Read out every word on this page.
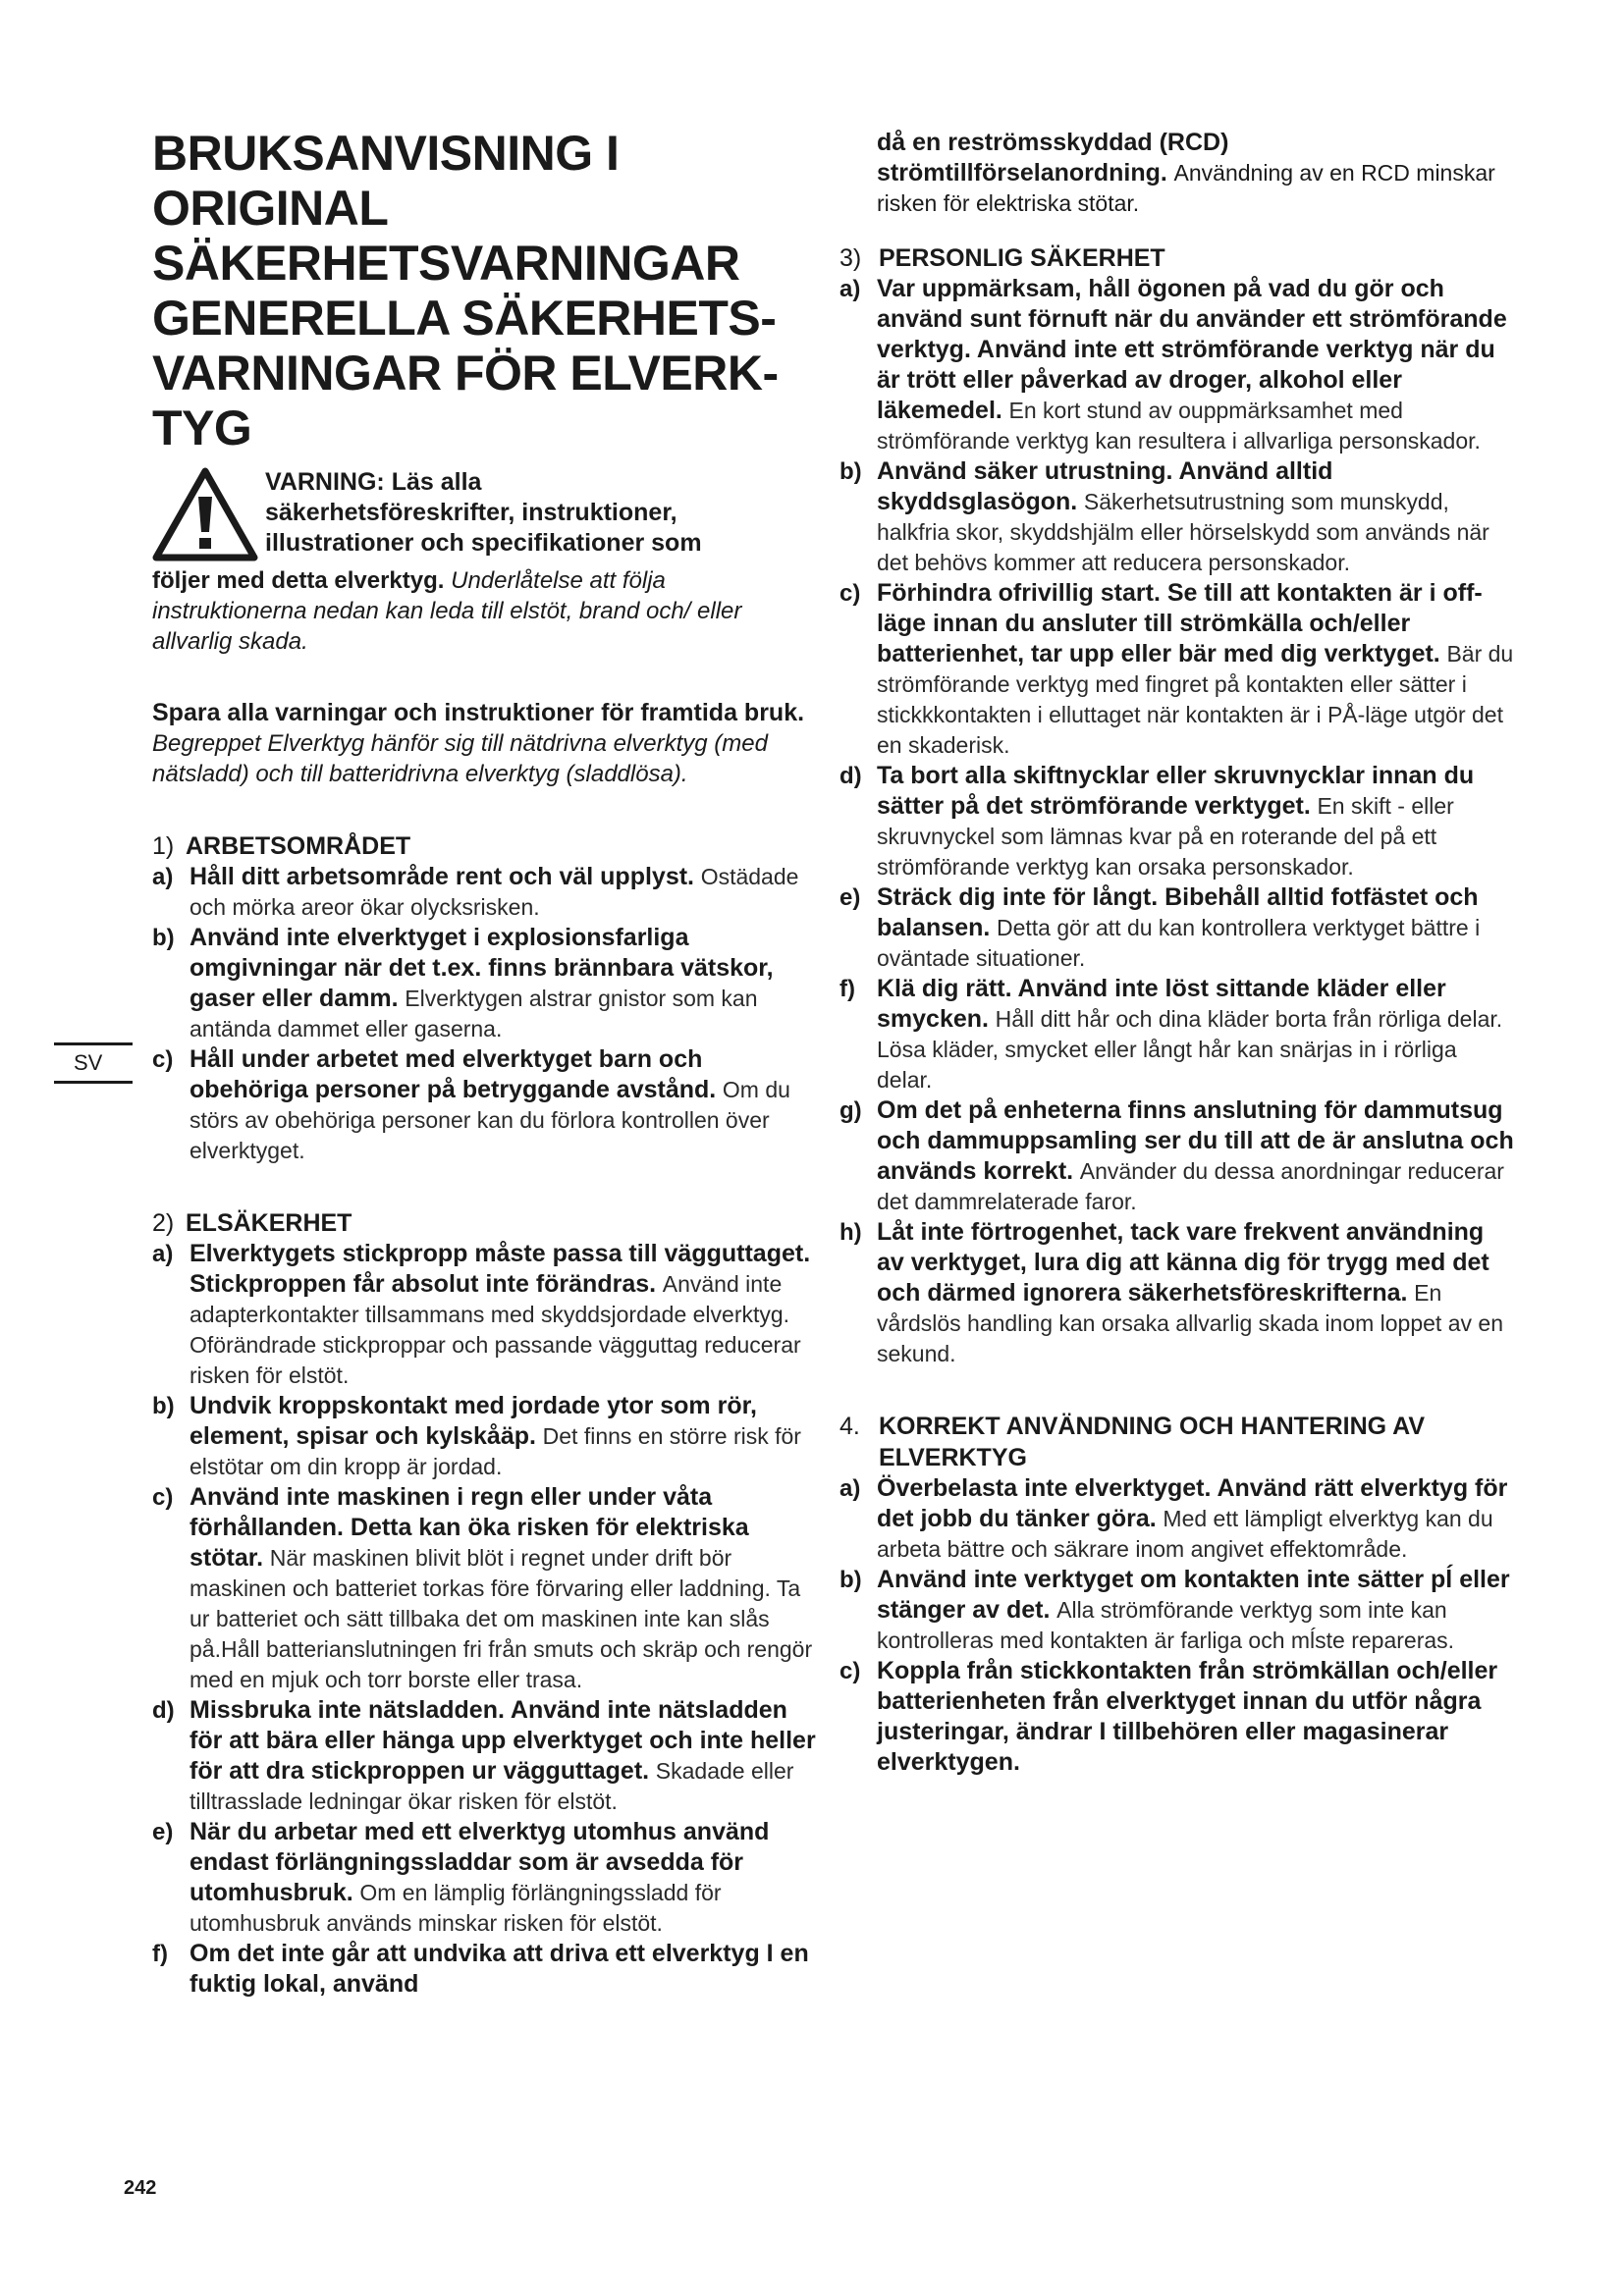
BRUKSANVISNING I ORIGINAL
SÄKERHETSVARNINGAR
GENERELLA SÄKERHETS-
VARNINGAR FÖR ELVERK-
TYG
VARNING: Läs alla
säkerhetsföreskrifter, instruktioner,
illustrationer och specifikationer som

följer med detta elverktyg. Underlåtelse att följa instruktionerna nedan kan leda till elstöt, brand och/ eller allvarlig skada.

Spara alla varningar och instruktioner för framtida bruk.
Begreppet Elverktyg hänför sig till nätdrivna elverktyg (med nätsladd) och till batteridrivna elverktyg (sladdlösa).

1) ARBETSOMRÅDET
a) Håll ditt arbetsområde rent och väl upplyst. Ostädade och mörka areor ökar olycksrisken.
b) Använd inte elverktyget i explosionsfarliga omgivningar när det t.ex. finns brännbara vätskor, gaser eller damm. Elverktygen alstrar gnistor som kan antända dammet eller gaserna.
c) Håll under arbetet med elverktyget barn och obehöriga personer på betryggande avstånd. Om du störs av obehöriga personer kan du förlora kontrollen över elverktyget.
2) ELSÄKERHET
a) Elverktygets stickpropp måste passa till vägguttaget. Stickproppen får absolut inte förändras. Använd inte adapterkontakter tillsammans med skyddsjordade elverktyg. Oförändrade stickproppar och passande vägguttag reducerar risken för elstöt.
b) Undvik kroppskontakt med jordade ytor som rör, element, spisar och kylskåäp. Det finns en större risk för elstötar om din kropp är jordad.
c) Använd inte maskinen i regn eller under våta förhållanden. Detta kan öka risken för elektriska stötar. När maskinen blivit blöt i regnet under drift bör maskinen och batteriet torkas före förvaring eller laddning. Ta ur batteriet och sätt tillbaka det om maskinen inte kan slås på.Håll batterianslutningen fri från smuts och skräp och rengör med en mjuk och torr borste eller trasa.
d) Missbruka inte nätsladden. Använd inte nätsladden för att bära eller hänga upp elverktyget och inte heller för att dra stickproppen ur vägguttaget. Skadade eller tilltrasslade ledningar ökar risken för elstöt.
e) När du arbetar med ett elverktyg utomhus använd endast förlängningssladdar som är avsedda för utomhusbruk. Om en lämplig förlängningssladd för utomhusbruk används minskar risken för elstöt.
f) Om det inte går att undvika att driva ett elverktyg I en fuktig lokal, använd
då en reströmsskyddad (RCD) strömtillförselanordning. Användning av en RCD minskar risken för elektriska stötar.
3) PERSONLIG SÄKERHET
a) Var uppmärksam, håll ögonen på vad du gör och använd sunt förnuft när du använder ett strömförande verktyg. Använd inte ett strömförande verktyg när du är trött eller påverkad av droger, alkohol eller läkemedel. En kort stund av ouppmärksamhet med strömförande verktyg kan resultera i allvarliga personskador.
b) Använd säker utrustning. Använd alltid skyddsglasögon. Säkerhetsutrustning som munskydd, halkfria skor, skyddshjälm eller hörselskydd som används när det behövs kommer att reducera personskador.
c) Förhindra ofrivillig start. Se till att kontakten är i off-läge innan du ansluter till strömkälla och/eller batterienhet, tar upp eller bär med dig verktyget. Bär du strömförande verktyg med fingret på kontakten eller sätter i stickkkontakten i elluttaget när kontakten är i PÅ-läge utgör det en skaderisk.
d) Ta bort alla skiftnycklar eller skruvnycklar innan du sätter på det strömförande verktyget. En skift - eller skruvnyckel som lämnas kvar på en roterande del på ett strömförande verktyg kan orsaka personskador.
e) Sträck dig inte för långt. Bibehåll alltid fotfästet och balansen. Detta gör att du kan kontrollera verktyget bättre i oväntade situationer.
f) Klä dig rätt. Använd inte löst sittande kläder eller smycken. Håll ditt hår och dina kläder borta från rörliga delar. Lösa kläder, smycket eller långt hår kan snärjas in i rörliga delar.
g) Om det på enheterna finns anslutning för dammutsug och dammuppsamling ser du till att de är anslutna och används korrekt. Använder du dessa anordningar reducerar det dammrelaterade faror.
h) Låt inte förtrogenhet, tack vare frekvent användning av verktyget, lura dig att känna dig för trygg med det och därmed ignorera säkerhetsföreskrifterna. En vårdslös handling kan orsaka allvarlig skada inom loppet av en sekund.
4. KORREKT ANVÄNDNING OCH HANTERING AV ELVERKTYG
a) Överbelasta inte elverktyget. Använd rätt elverktyg för det jobb du tänker göra. Med ett lämpligt elverktyg kan du arbeta bättre och säkrare inom angivet effektområde.
b) Använd inte verktyget om kontakten inte sätter pĺ eller stänger av det. Alla strömförande verktyg som inte kan kontrolleras med kontakten är farliga och mĺste repareras.
c) Koppla från stickkontakten från strömkällan och/eller batterienheten från elverktyget innan du utför några justeringar, ändrar I tillbehören eller magasinerar elverktygen.
SV
242
